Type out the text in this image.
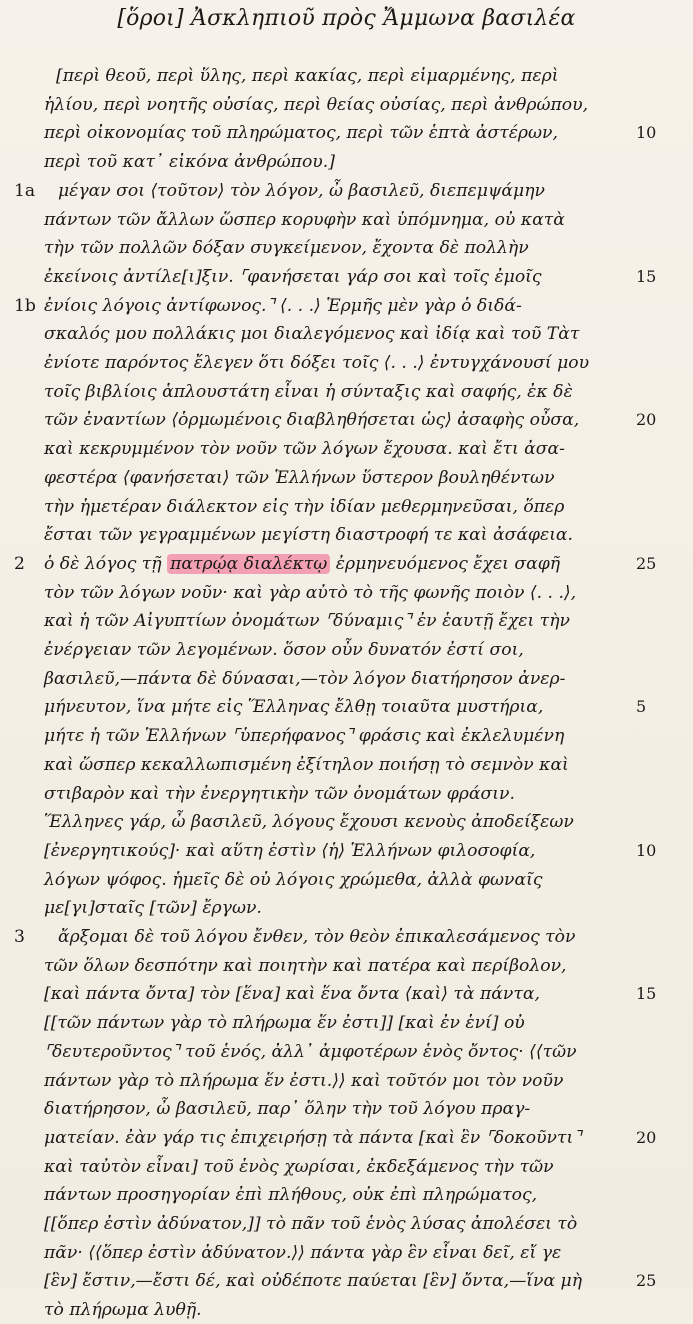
[ὅροι] Ἀσκληπιοῦ πρὸς Ἄμμωνα βασιλέα
[περὶ θεοῦ, περὶ ὕλης, περὶ κακίας, περὶ εἱμαρμένης, περὶ
ἡλίου, περὶ νοητῆς οὐσίας, περὶ θείας οὐσίας, περὶ ἀνθρώπου,
περὶ οἰκονομίας τοῦ πληρώματος, περὶ τῶν ἑπτὰ ἀστέρων,	10
περὶ τοῦ κατ᾽ εἰκόνα ἀνθρώπου.]
1a μέγαν σοι ⟨τοῦτον⟩ τὸν λόγον, ὦ βασιλεῦ, διεπεμψάμην
πάντων τῶν ἄλλων ὥσπερ κορυφὴν καὶ ὑπόμνημα, οὐ κατὰ
τὴν τῶν πολλῶν δόξαν συγκείμενον, ἔχοντα δὲ πολλὴν
ἐκείνοις ἀντίλε[ι]ξιν. ⌜φανήσεται γάρ σοι καὶ τοῖς ἐμοῖς	15
1b ἐνίοις λόγοις ἀντίφωνος.⌝ ⟨. . .⟩ Ἑρμῆς μὲν γὰρ ὁ διδά-
σκαλός μου πολλάκις μοι διαλεγόμενος καὶ ἰδίᾳ καὶ τοῦ Τὰτ
ἐνίοτε παρόντος ἔλεγεν ὅτι δόξει τοῖς ⟨. . .⟩ ἐντυγχάνουσί μου
τοῖς βιβλίοις ἁπλουστάτη εἶναι ἡ σύνταξις καὶ σαφής, ἐκ δὲ
τῶν ἐναντίων ⟨ὁρμωμένοις διαβληθήσεται ὡς⟩ ἀσαφὴς οὖσα,	20
καὶ κεκρυμμένον τὸν νοῦν τῶν λόγων ἔχουσα. καὶ ἔτι ἀσα-
φεστέρα ⟨φανήσεται⟩ τῶν Ἑλλήνων ὕστερον βουληθέντων
τὴν ἡμετέραν διάλεκτον εἰς τὴν ἰδίαν μεθερμηνεῦσαι, ὅπερ
ἔσται τῶν γεγραμμένων μεγίστη διαστροφή τε καὶ ἀσάφεια.
2 ὁ δὲ λόγος τῇ πατρῴᾳ διαλέκτῳ ἐρμηνευόμενος ἔχει σαφῆ	25
τὸν τῶν λόγων νοῦν· καὶ γὰρ αὐτὸ τὸ τῆς φωνῆς ποιὸν ⟨. . .⟩,
καὶ ἡ τῶν Αἰγυπτίων ὀνομάτων ⌜δύναμις⌝ ἐν ἑαυτῇ ἔχει τὴν
ἐνέργειαν τῶν λεγομένων. ὅσον οὖν δυνατόν ἐστί σοι,
βασιλεῦ,—πάντα δὲ δύνασαι,—τὸν λόγον διατήρησον ἀνερ-
μήνευτον, ἵνα μήτε εἰς Ἕλληνας ἔλθῃ τοιαῦτα μυστήρια,	5
μήτε ἡ τῶν Ἑλλήνων ⌜ὑπερήφανος⌝ φράσις καὶ ἐκλελυμένη
καὶ ὥσπερ κεκαλλωπισμένη ἐξίτηλον ποιήσῃ τὸ σεμνὸν καὶ
στιβαρὸν καὶ τὴν ἐνεργητικὴν τῶν ὀνομάτων φράσιν.
Ἕλληνες γάρ, ὦ βασιλεῦ, λόγους ἔχουσι κενοὺς ἀποδείξεων
[ἐνεργητικούς]· καὶ αὕτη ἐστὶν ⟨ἡ⟩ Ἑλλήνων φιλοσοφία,	10
λόγων ψόφος. ἡμεῖς δὲ οὐ λόγοις χρώμεθα, ἀλλὰ φωναῖς
με[γι]σταῖς [τῶν] ἔργων.
3 ἄρξομαι δὲ τοῦ λόγου ἔνθεν, τὸν θεὸν ἐπικαλεσάμενος τὸν
τῶν ὅλων δεσπότην καὶ ποιητὴν καὶ πατέρα καὶ περίβολον,
[καὶ πάντα ὄντα] τὸν [ἕνα] καὶ ἕνα ὄντα ⟨καὶ⟩ τὰ πάντα,	15
[[τῶν πάντων γὰρ τὸ πλήρωμα ἕν ἐστι]] [καὶ ἐν ἑνί] οὐ
⌜δευτεροῦντος⌝ τοῦ ἑνός, ἀλλ᾽ ἀμφοτέρων ἑνὸς ὄντος· ⟨⟨τῶν
πάντων γὰρ τὸ πλήρωμα ἕν ἐστι.⟩⟩ καὶ τοῦτόν μοι τὸν νοῦν
διατήρησον, ὦ βασιλεῦ, παρ᾽ ὅλην τὴν τοῦ λόγου πραγ-
ματείαν. ἐὰν γάρ τις ἐπιχειρήσῃ τὰ πάντα [καὶ ἓν ⌜δοκοῦντι⌝	20
καὶ ταὐτὸν εἶναι] τοῦ ἑνὸς χωρίσαι, ἐκδεξάμενος τὴν τῶν
πάντων προσηγορίαν ἐπὶ πλήθους, οὐκ ἐπὶ πληρώματος,
[[ὅπερ ἐστὶν ἀδύνατον,]] τὸ πᾶν τοῦ ἑνὸς λύσας ἀπολέσει τὸ
πᾶν· ⟨⟨ὅπερ ἐστὶν ἀδύνατον.⟩⟩ πάντα γὰρ ἓν εἶναι δεῖ, εἴ γε
[ἓν] ἔστιν,—ἔστι δέ, καὶ οὐδέποτε παύεται [ἓν] ὄντα,—ἵνα μὴ	25
τὸ πλήρωμα λυθῇ.
